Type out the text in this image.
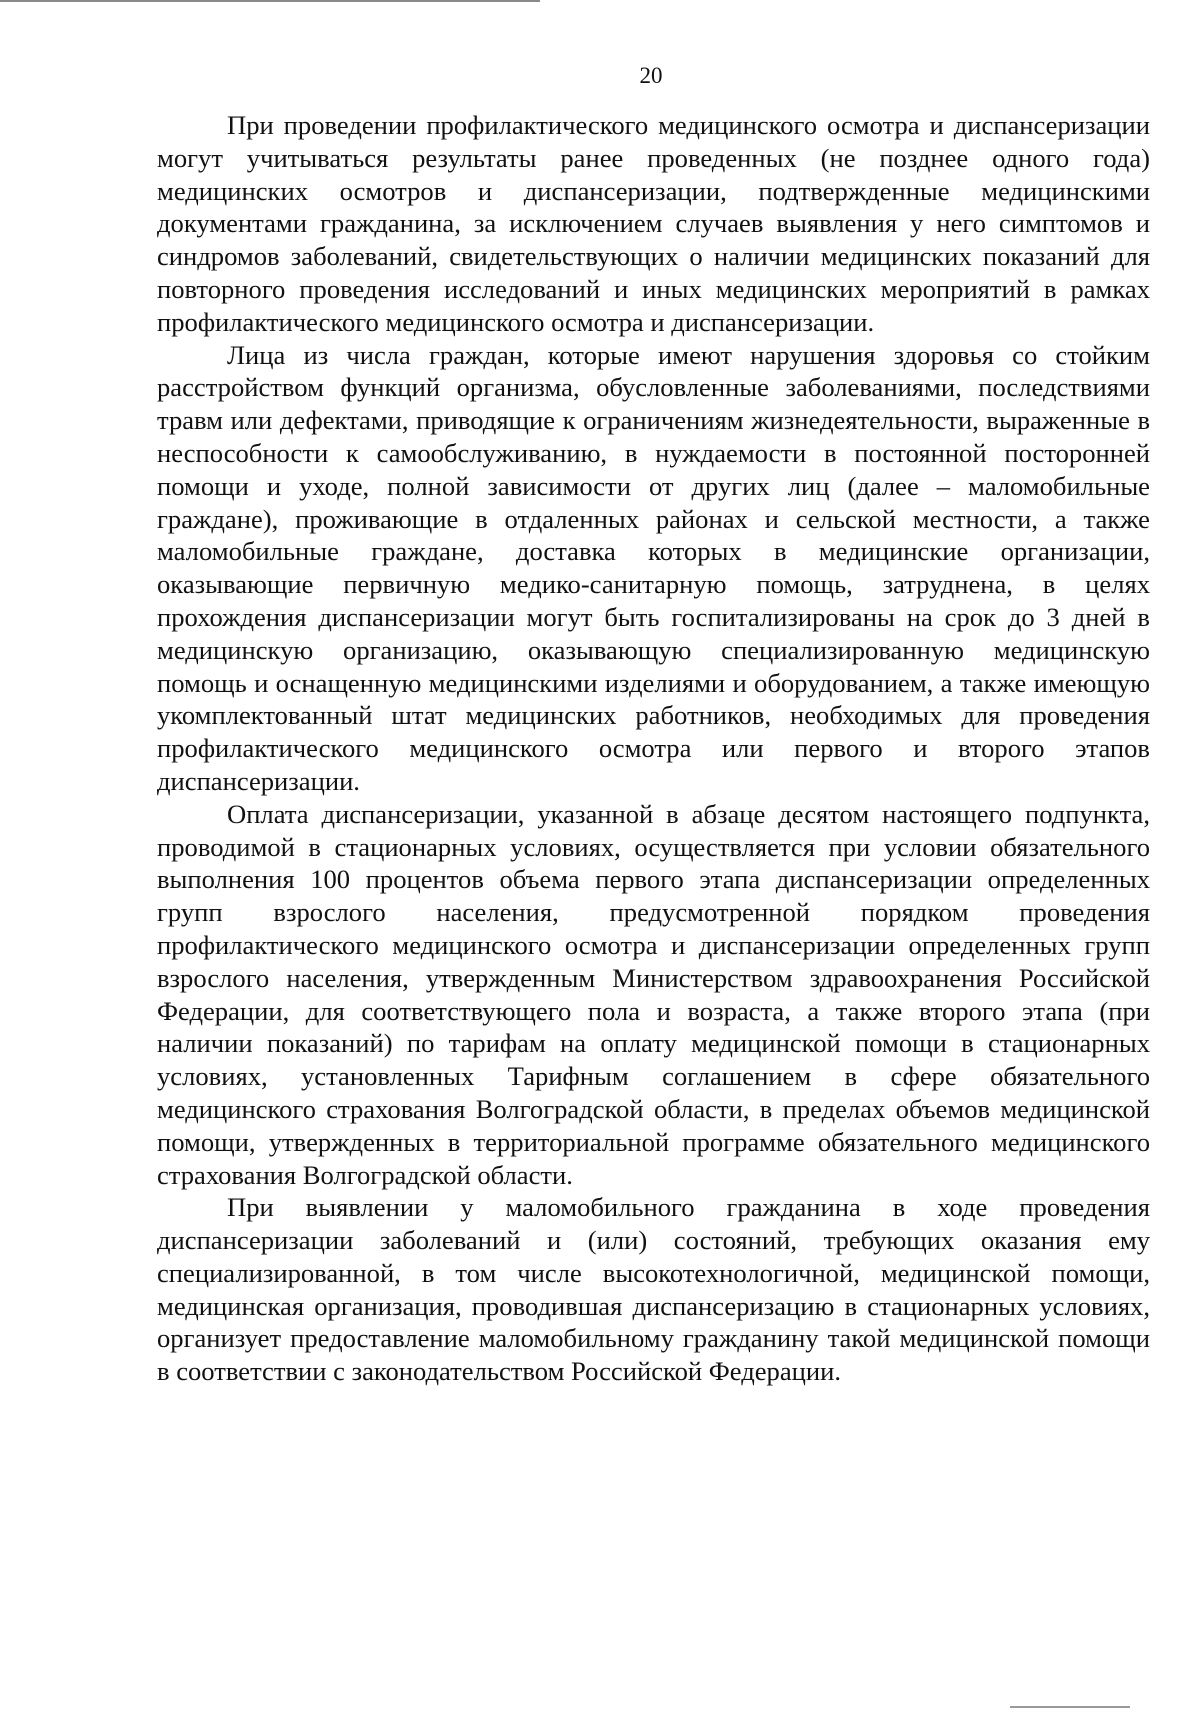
20

При проведении профилактического медицинского осмотра и диспансеризации могут учитываться результаты ранее проведенных (не позднее одного года) медицинских осмотров и диспансеризации, подтвержденные медицинскими документами гражданина, за исключением случаев выявления у него симптомов и синдромов заболеваний, свидетельствующих о наличии медицинских показаний для повторного проведения исследований и иных медицинских мероприятий в рамках профилактического медицинского осмотра и диспансеризации.

Лица из числа граждан, которые имеют нарушения здоровья со стойким расстройством функций организма, обусловленные заболеваниями, последствиями травм или дефектами, приводящие к ограничениям жизнедеятельности, выраженные в неспособности к самообслуживанию, в нуждаемости в постоянной посторонней помощи и уходе, полной зависимости от других лиц (далее – маломобильные граждане), проживающие в отдаленных районах и сельской местности, а также маломобильные граждане, доставка которых в медицинские организации, оказывающие первичную медико-санитарную помощь, затруднена, в целях прохождения диспансеризации могут быть госпитализированы на срок до 3 дней в медицинскую организацию, оказывающую специализированную медицинскую помощь и оснащенную медицинскими изделиями и оборудованием, а также имеющую укомплектованный штат медицинских работников, необходимых для проведения профилактического медицинского осмотра или первого и второго этапов диспансеризации.

Оплата диспансеризации, указанной в абзаце десятом настоящего подпункта, проводимой в стационарных условиях, осуществляется при условии обязательного выполнения 100 процентов объема первого этапа диспансеризации определенных групп взрослого населения, предусмотренной порядком проведения профилактического медицинского осмотра и диспансеризации определенных групп взрослого населения, утвержденным Министерством здравоохранения Российской Федерации, для соответствующего пола и возраста, а также второго этапа (при наличии показаний) по тарифам на оплату медицинской помощи в стационарных условиях, установленных Тарифным соглашением в сфере обязательного медицинского страхования Волгоградской области, в пределах объемов медицинской помощи, утвержденных в территориальной программе обязательного медицинского страхования Волгоградской области.

При выявлении у маломобильного гражданина в ходе проведения диспансеризации заболеваний и (или) состояний, требующих оказания ему специализированной, в том числе высокотехнологичной, медицинской помощи, медицинская организация, проводившая диспансеризацию в стационарных условиях, организует предоставление маломобильному гражданину такой медицинской помощи в соответствии с законодательством Российской Федерации.
